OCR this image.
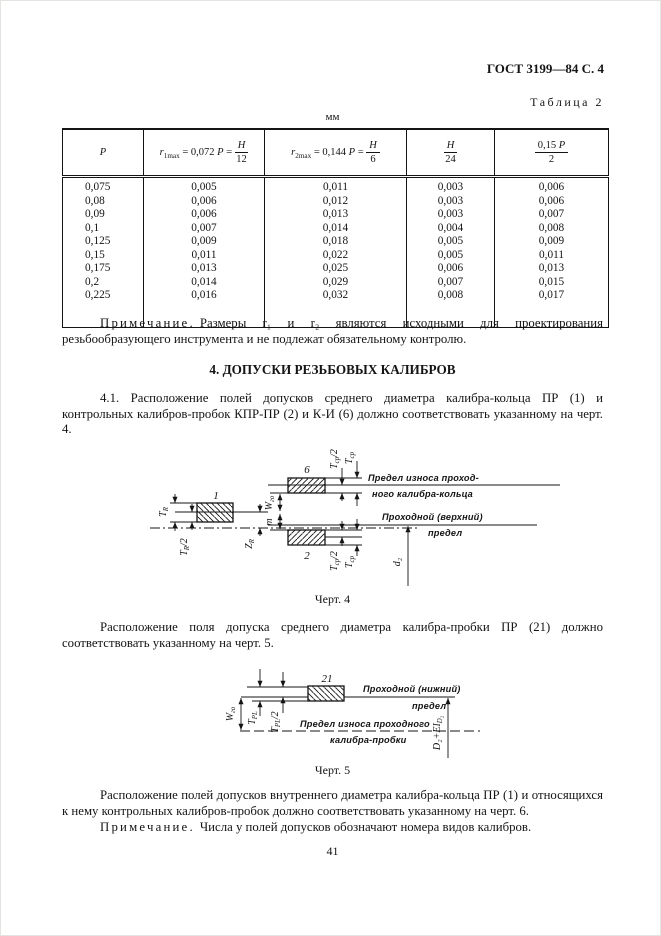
ГОСТ 3199—84 С. 4
Таблица 2
мм
P	$r_{1max} = 0,072$ $P = \frac{H}{12}$	$r_{2max} = 0,144$ $P = \frac{H}{6}$	$\frac{H}{24}$	$\frac{0,15 P}{2}$

0,075	0,005	0,011	0,003	0,006
0,08	0,006	0,012	0,003	0,006
0,09	0,006	0,013	0,003	0,007
0,1	0,007	0,014	0,004	0,008
0,125	0,009	0,018	0,005	0,009
0,15	0,011	0,022	0,005	0,011
0,175	0,013	0,025	0,006	0,013
0,2	0,014	0,029	0,007	0,015
0,225	0,016	0,032	0,008	0,017
Примечание. Размеры r₁ и r₂ являются исходными для проектирования резьбообразующего инструмента и не подлежат обязательному контролю.
4. ДОПУСКИ РЕЗЬБОВЫХ КАЛИБРОВ
4.1. Расположение полей допусков среднего диаметра калибра-кольца ПР (1) и контрольных калибров-пробок КПР-ПР (2) и К-И (6) должно соответствовать указанному на черт. 4.
1
6
2
$T_R$
$T_R/2$
$Z_R$
$W_{го}$
m
$T_{ср}/2$
$T_{ср}$
$T_{ср}/2$
$T_{ср}$	d₂
Предел износа проход-
ного калибра-кольца
Проходной (верхний)
предел
Черт. 4
Расположение поля допуска среднего диаметра калибра-пробки ПР (21) должно соответствовать указанному на черт. 5.
21
$W_{го}$
$T_{PL}$
$T_{PL}/2$
$D_2+EI_{D_2}$
Проходной (нижний)
предел
Предел износа проходного
калибра-пробки
Черт. 5
Расположение полей допусков внутреннего диаметра калибра-кольца ПР (1) и относящихся к нему контрольных калибров-пробок должно соответствовать указанному на черт. 6.
Примечание. Числа у полей допусков обозначают номера видов калибров.
41
